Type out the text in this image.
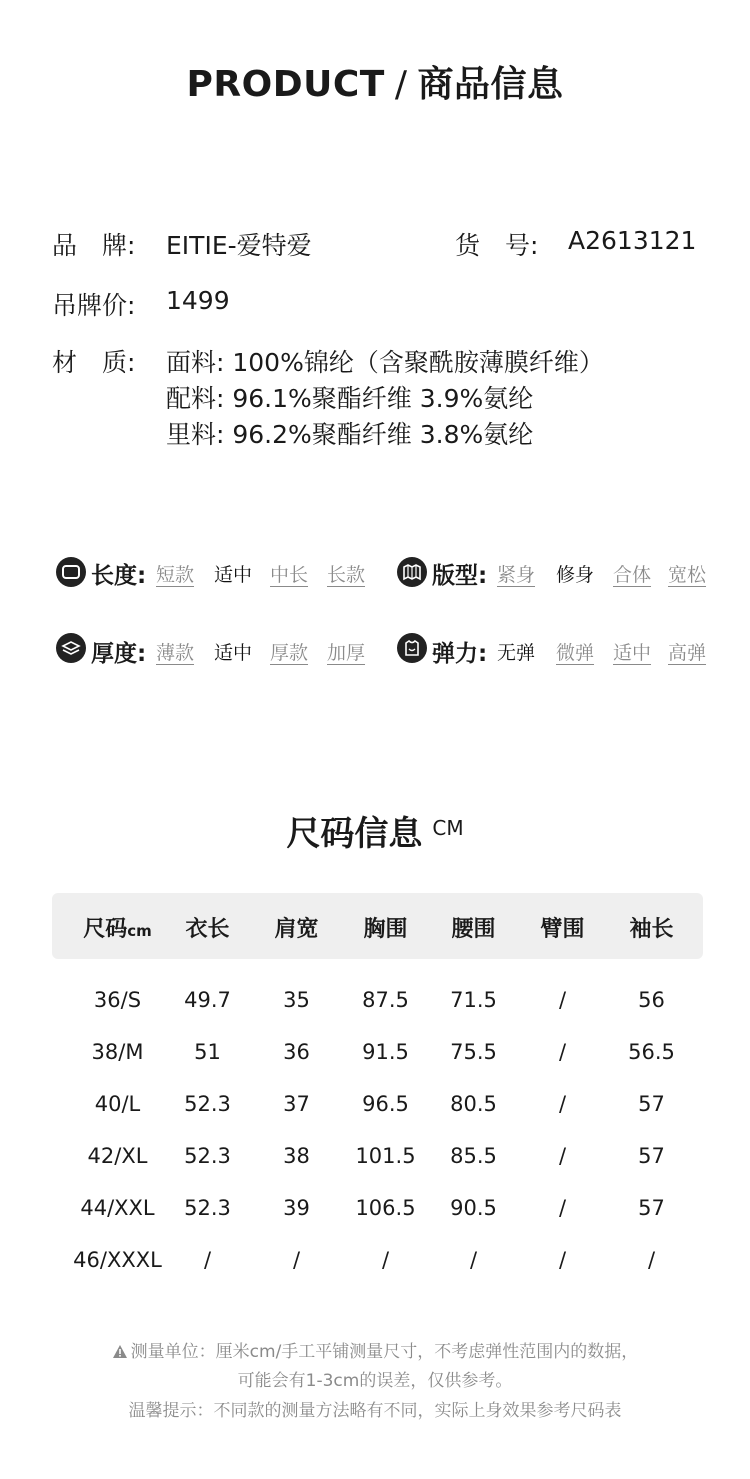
PRODUCT / 商品信息
品　牌: EITIE-爱特爱	货　号: A2613121
吊牌价: 1499
材　质: 面料: 100%锦纶（含聚酰胺薄膜纤维）
配料: 96.1%聚酯纤维 3.9%氨纶
里料: 96.2%聚酯纤维 3.8%氨纶
长度: 短款 适中 中长 长款	版型: 紧身 修身 合体 宽松
厚度: 薄款 适中 厚款 加厚	弹力: 无弹 微弹 适中 高弹
尺码信息 $^{CM}$
尺码cm	衣长	肩宽	胸围	腰围	臂围	袖长
36/S	49.7	35	87.5	71.5	/	56
38/M	51	36	91.5	75.5	/	56.5
40/L	52.3	37	96.5	80.5	/	57
42/XL	52.3	38	101.5	85.5	/	57
44/XXL	52.3	39	106.5	90.5	/	57
46/XXXL	/	/	/	/	/	/
测量单位：厘米cm/手工平铺测量尺寸，不考虑弹性范围内的数据，
可能会有1-3cm的误差，仅供参考。
温馨提示：不同款的测量方法略有不同，实际上身效果参考尺码表
